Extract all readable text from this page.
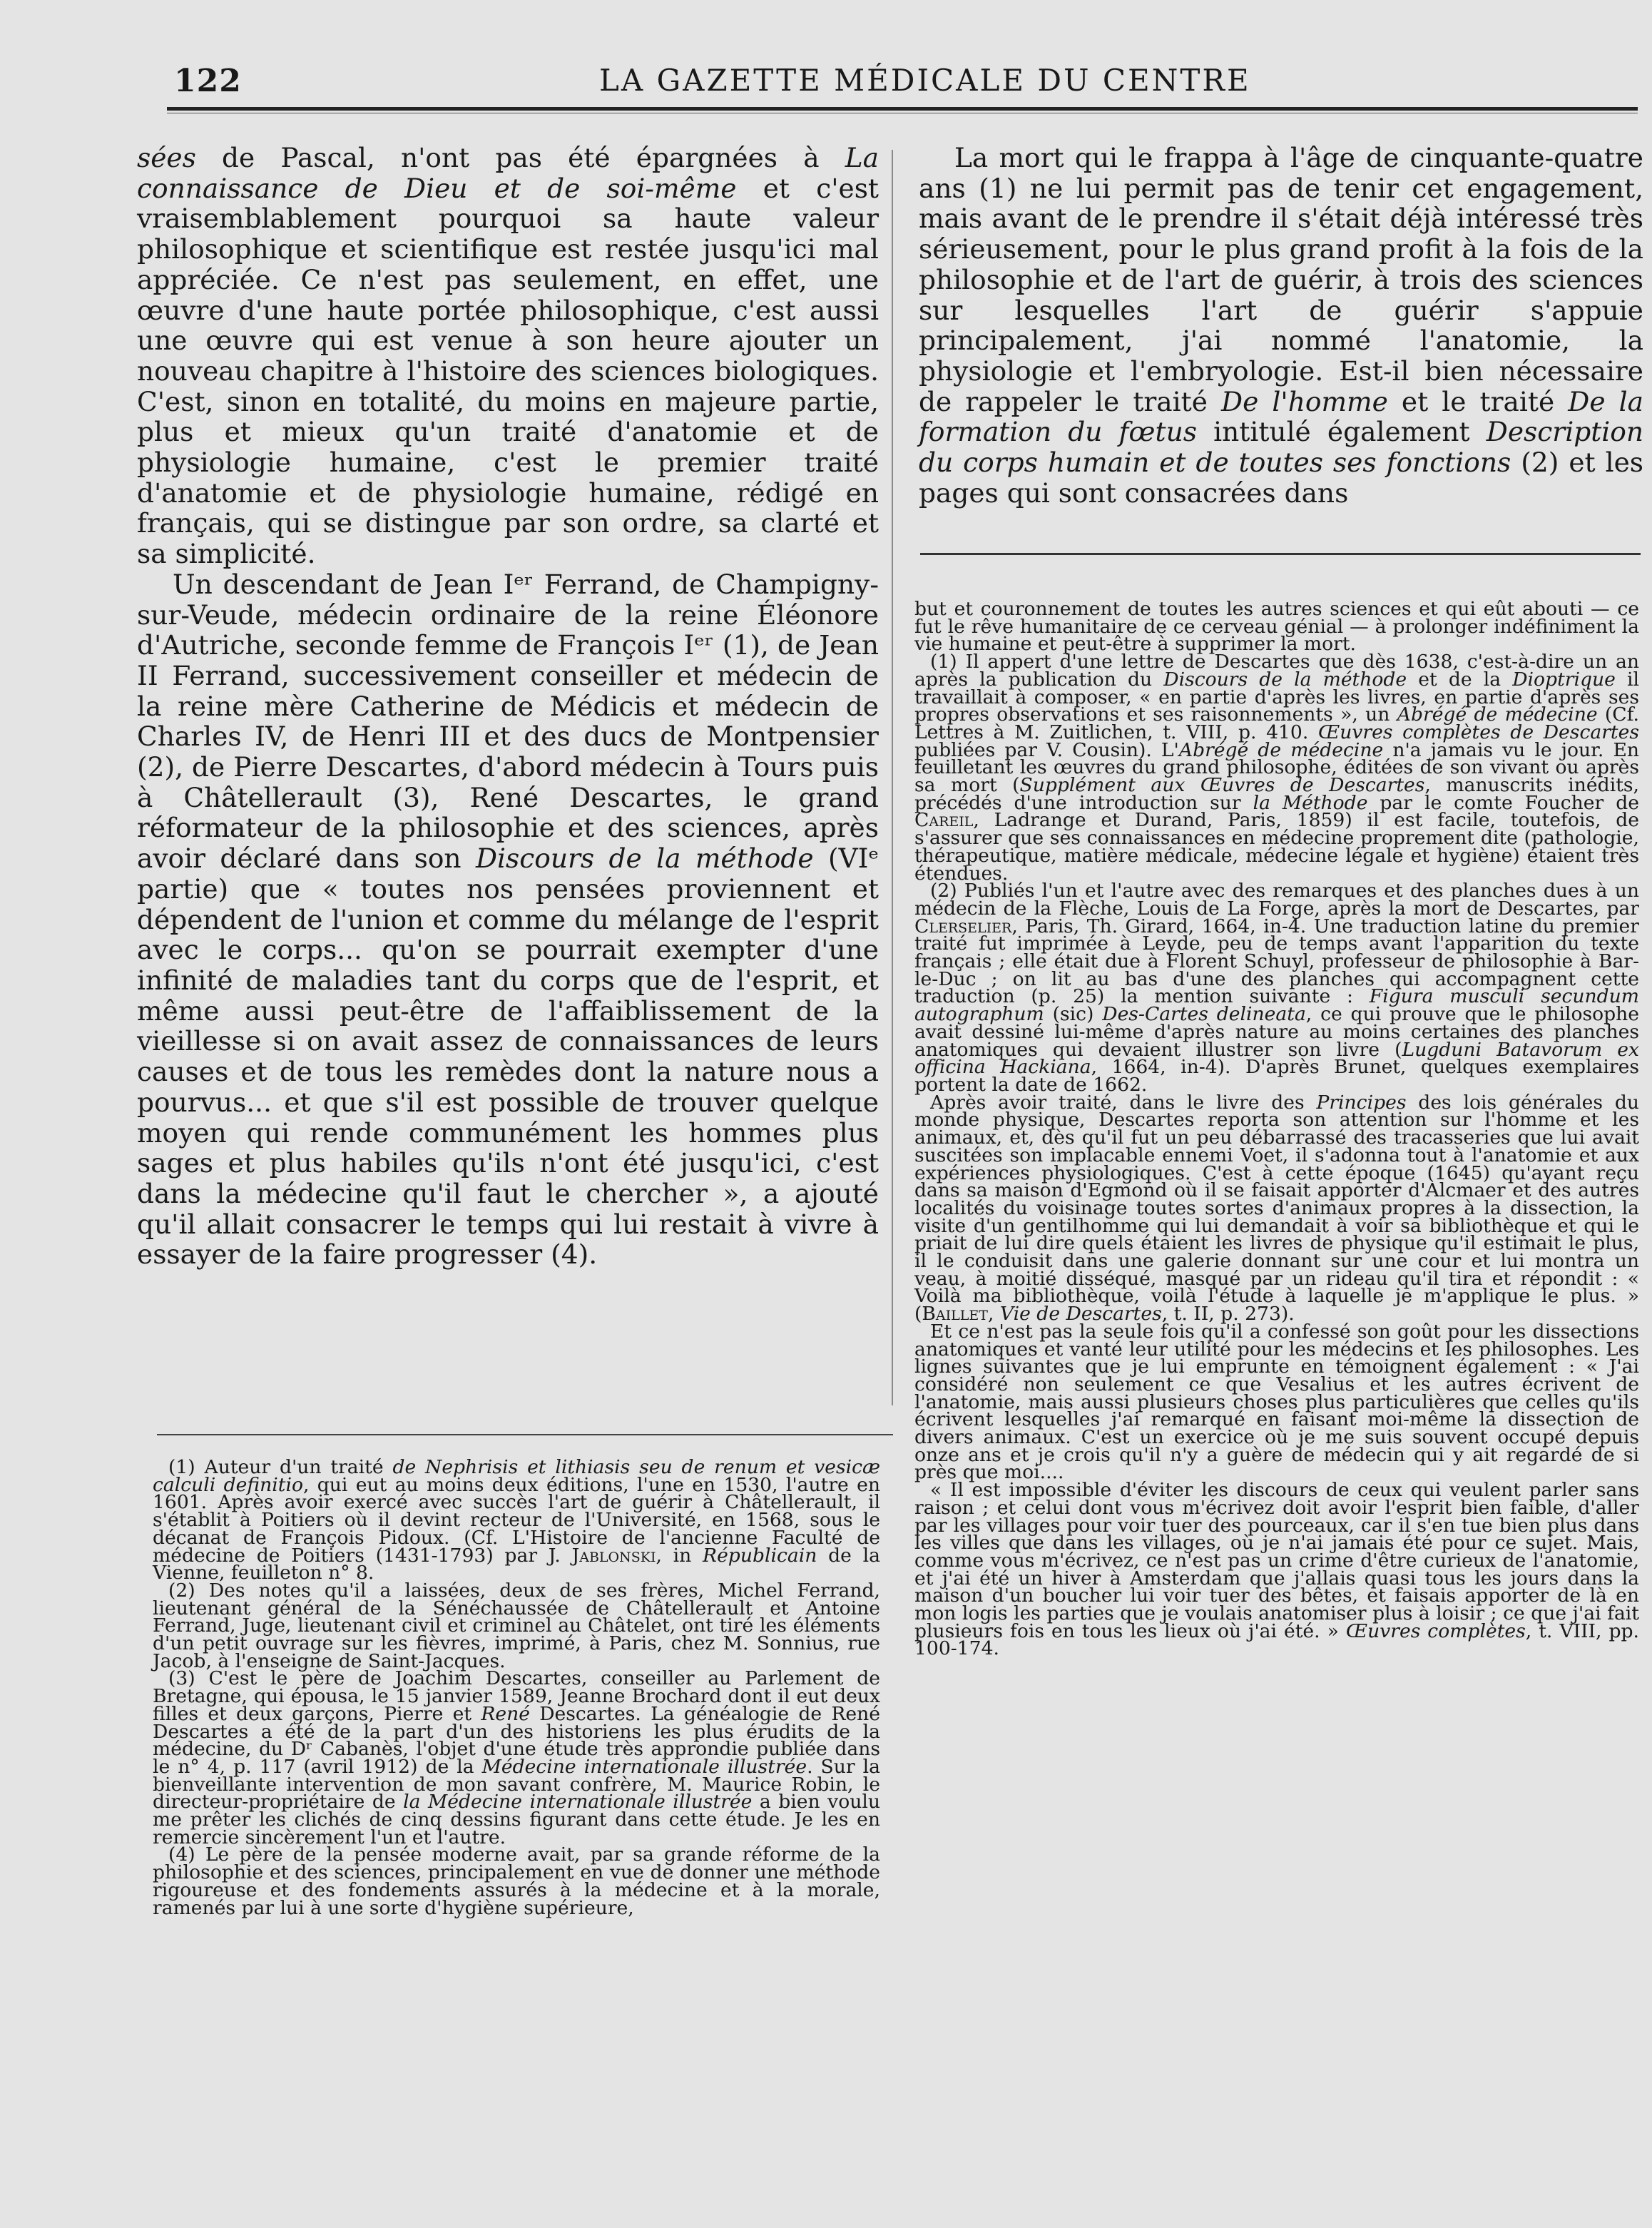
122	LA GAZETTE MÉDICALE DU CENTRE

sées de Pascal, n'ont pas été épargnées à La connaissance de Dieu et de soi-même et c'est vraisemblablement pourquoi sa haute valeur philosophique et scientifique est restée jusqu'ici mal appréciée. Ce n'est pas seulement, en effet, une œuvre d'une haute portée philosophique, c'est aussi une œuvre qui est venue à son heure ajouter un nouveau chapitre à l'histoire des sciences biologiques. C'est, sinon en totalité, du moins en majeure partie, plus et mieux qu'un traité d'anatomie et de physiologie humaine, c'est le premier traité d'anatomie et de physiologie humaine, rédigé en français, qui se distingue par son ordre, sa clarté et sa simplicité.

Un descendant de Jean Iᵉʳ Ferrand, de Champigny-sur-Veude, médecin ordinaire de la reine Éléonore d'Autriche, seconde femme de François Iᵉʳ (1), de Jean II Ferrand, successivement conseiller et médecin de la reine mère Catherine de Médicis et médecin de Charles IV, de Henri III et des ducs de Montpensier (2), de Pierre Descartes, d'abord médecin à Tours puis à Châtellerault (3), René Descartes, le grand réformateur de la philosophie et des sciences, après avoir déclaré dans son Discours de la méthode (VIᵉ partie) que « toutes nos pensées proviennent et dépendent de l'union et comme du mélange de l'esprit avec le corps... qu'on se pourrait exempter d'une infinité de maladies tant du corps que de l'esprit, et même aussi peut-être de l'affaiblissement de la vieillesse si on avait assez de connaissances de leurs causes et de tous les remèdes dont la nature nous a pourvus... et que s'il est possible de trouver quelque moyen qui rende communément les hommes plus sages et plus habiles qu'ils n'ont été jusqu'ici, c'est dans la médecine qu'il faut le chercher », a ajouté qu'il allait consacrer le temps qui lui restait à vivre à essayer de la faire progresser (4).

La mort qui le frappa à l'âge de cinquante-quatre ans (1) ne lui permit pas de tenir cet engagement, mais avant de le prendre il s'était déjà intéressé très sérieusement, pour le plus grand profit à la fois de la philosophie et de l'art de guérir, à trois des sciences sur lesquelles l'art de guérir s'appuie principalement, j'ai nommé l'anatomie, la physiologie et l'embryologie. Est-il bien nécessaire de rappeler le traité De l'homme et le traité De la formation du fœtus intitulé également Description du corps humain et de toutes ses fonctions (2) et les pages qui sont consacrées dans

(1) Auteur d'un traité de Nephrisis et lithiasis seu de renum et vesicæ calculi definitio, qui eut au moins deux éditions, l'une en 1530, l'autre en 1601. Après avoir exercé avec succès l'art de guérir à Châtellerault, il s'établit à Poitiers où il devint recteur de l'Université, en 1568, sous le décanat de François Pidoux. (Cf. L'Histoire de l'ancienne Faculté de médecine de Poitiers (1431-1793) par J. Jablonski, in Républicain de la Vienne, feuilleton n° 8.

(2) Des notes qu'il a laissées, deux de ses frères, Michel Ferrand, lieutenant général de la Sénéchaussée de Châtellerault et Antoine Ferrand, Juge, lieutenant civil et criminel au Châtelet, ont tiré les éléments d'un petit ouvrage sur les fièvres, imprimé, à Paris, chez M. Sonnius, rue Jacob, à l'enseigne de Saint-Jacques.

(3) C'est le père de Joachim Descartes, conseiller au Parlement de Bretagne, qui épousa, le 15 janvier 1589, Jeanne Brochard dont il eut deux filles et deux garçons, Pierre et René Descartes. La généalogie de René Descartes a été de la part d'un des historiens les plus érudits de la médecine, du Dʳ Cabanès, l'objet d'une étude très approndie publiée dans le n° 4, p. 117 (avril 1912) de la Médecine internationale illustrée. Sur la bienveillante intervention de mon savant confrère, M. Maurice Robin, le directeur-propriétaire de la Médecine internationale illustrée a bien voulu me prêter les clichés de cinq dessins figurant dans cette étude. Je les en remercie sincèrement l'un et l'autre.

(4) Le père de la pensée moderne avait, par sa grande réforme de la philosophie et des sciences, principalement en vue de donner une méthode rigoureuse et des fondements assurés à la médecine et à la morale, ramenés par lui à une sorte d'hygiène supérieure,

but et couronnement de toutes les autres sciences et qui eût abouti — ce fut le rêve humanitaire de ce cerveau génial — à prolonger indéfiniment la vie humaine et peut-être à supprimer la mort.

(1) Il appert d'une lettre de Descartes que dès 1638, c'est-à-dire un an après la publication du Discours de la méthode et de la Dioptrique il travaillait à composer, « en partie d'après les livres, en partie d'après ses propres observations et ses raisonnements », un Abrégé de médecine (Cf. Lettres à M. Zuitlichen, t. VIII, p. 410. Œuvres complètes de Descartes publiées par V. Cousin). L'Abrégé de médecine n'a jamais vu le jour. En feuilletant les œuvres du grand philosophe, éditées de son vivant ou après sa mort (Supplément aux Œuvres de Descartes, manuscrits inédits, précédés d'une introduction sur la Méthode par le comte Foucher de Careil, Ladrange et Durand, Paris, 1859) il est facile, toutefois, de s'assurer que ses connaissances en médecine proprement dite (pathologie, thérapeutique, matière médicale, médecine légale et hygiène) étaient très étendues.

(2) Publiés l'un et l'autre avec des remarques et des planches dues à un médecin de la Flèche, Louis de La Forge, après la mort de Descartes, par Clerselier, Paris, Th. Girard, 1664, in-4. Une traduction latine du premier traité fut imprimée à Leyde, peu de temps avant l'apparition du texte français ; elle était due à Florent Schuyl, professeur de philosophie à Bar-le-Duc ; on lit au bas d'une des planches qui accompagnent cette traduction (p. 25) la mention suivante : Figura musculi secundum autographum (sic) Des-Cartes delineata, ce qui prouve que le philosophe avait dessiné lui-même d'après nature au moins certaines des planches anatomiques qui devaient illustrer son livre (Lugduni Batavorum ex officina Hackiana, 1664, in-4). D'après Brunet, quelques exemplaires portent la date de 1662.

Après avoir traité, dans le livre des Principes des lois générales du monde physique, Descartes reporta son attention sur l'homme et les animaux, et, dès qu'il fut un peu débarrassé des tracasseries que lui avait suscitées son implacable ennemi Voet, il s'adonna tout à l'anatomie et aux expériences physiologiques. C'est à cette époque (1645) qu'ayant reçu dans sa maison d'Egmond où il se faisait apporter d'Alcmaer et des autres localités du voisinage toutes sortes d'animaux propres à la dissection, la visite d'un gentilhomme qui lui demandait à voir sa bibliothèque et qui le priait de lui dire quels étaient les livres de physique qu'il estimait le plus, il le conduisit dans une galerie donnant sur une cour et lui montra un veau, à moitié disséqué, masqué par un rideau qu'il tira et répondit : « Voilà ma bibliothèque, voilà l'étude à laquelle je m'applique le plus. » (Baillet, Vie de Descartes, t. II, p. 273).

Et ce n'est pas la seule fois qu'il a confessé son goût pour les dissections anatomiques et vanté leur utilité pour les médecins et les philosophes. Les lignes suivantes que je lui emprunte en témoignent également : « J'ai considéré non seulement ce que Vesalius et les autres écrivent de l'anatomie, mais aussi plusieurs choses plus particulières que celles qu'ils écrivent lesquelles j'ai remarqué en faisant moi-même la dissection de divers animaux. C'est un exercice où je me suis souvent occupé depuis onze ans et je crois qu'il n'y a guère de médecin qui y ait regardé de si près que moi....

« Il est impossible d'éviter les discours de ceux qui veulent parler sans raison ; et celui dont vous m'écrivez doit avoir l'esprit bien faible, d'aller par les villages pour voir tuer des pourceaux, car il s'en tue bien plus dans les villes que dans les villages, où je n'ai jamais été pour ce sujet. Mais, comme vous m'écrivez, ce n'est pas un crime d'être curieux de l'anatomie, et j'ai été un hiver à Amsterdam que j'allais quasi tous les jours dans la maison d'un boucher lui voir tuer des bêtes, et faisais apporter de là en mon logis les parties que je voulais anatomiser plus à loisir ; ce que j'ai fait plusieurs fois en tous les lieux où j'ai été. » Œuvres complètes, t. VIII, pp. 100-174.
